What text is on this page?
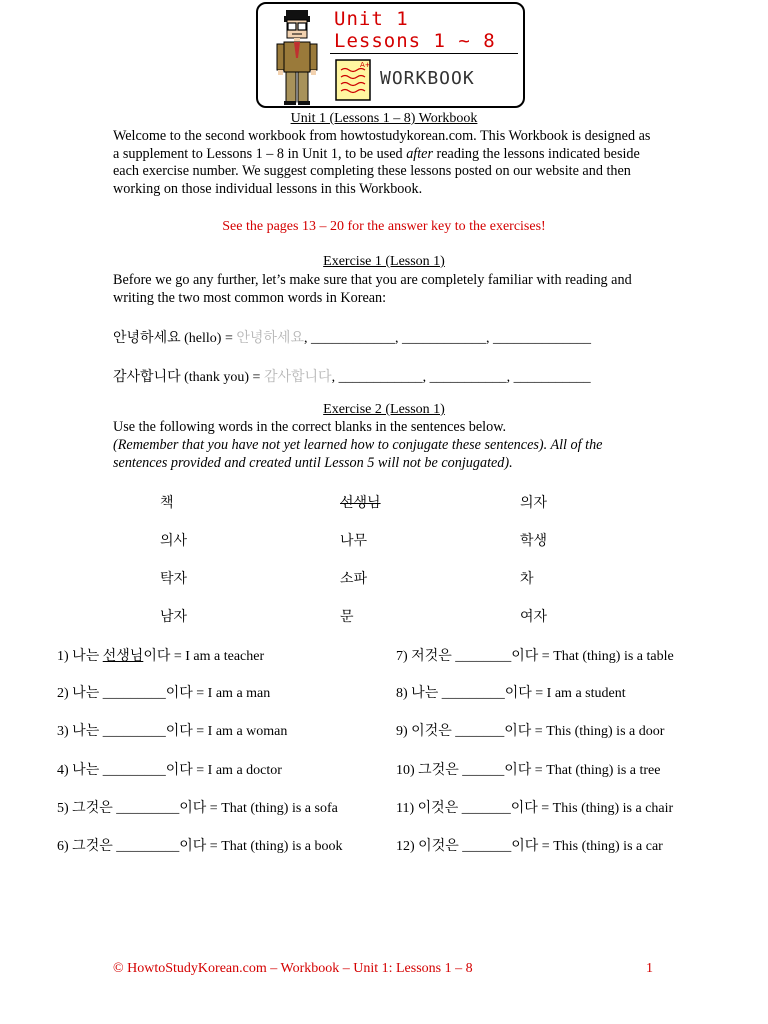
Unit 1
Lessons 1 ~ 8
A+
WORKBOOK
Unit 1 (Lessons 1 – 8) Workbook

Welcome to the second workbook from howtostudykorean.com. This Workbook is designed as a supplement to Lessons 1 – 8 in Unit 1, to be used after reading the lessons indicated beside each exercise number. We suggest completing these lessons posted on our website and then working on those individual lessons in this Workbook.

See the pages 13 – 20 for the answer key to the exercises!
Exercise 1 (Lesson 1)

Before we go any further, let’s make sure that you are completely familiar with reading and writing the two most common words in Korean:

안녕하세요 (hello) = 안녕하세요, ____________, ____________, ______________
감사합니다 (thank you) = 감사합니다, ____________, ___________, ___________
Exercise 2 (Lesson 1)

Use the following words in the correct blanks in the sentences below.

(Remember that you have not yet learned how to conjugate these sentences). All of the sentences provided and created until Lesson 5 will not be conjugated).

책	선생님	의자
의사	나무	학생
탁자	소파	차
남자	문	여자
1) 나는 선생님이다 = I am a teacher
2) 나는 _________이다 = I am a man
3) 나는 _________이다 = I am a woman
4) 나는 _________이다 = I am a doctor
5) 그것은 _________이다 = That (thing) is a sofa
6) 그것은 _________이다 = That (thing) is a book
7) 저것은 ________이다 = That (thing) is a table
8) 나는 _________이다 = I am a student
9) 이것은 _______이다 = This (thing) is a door
10) 그것은 ______이다 = That (thing) is a tree
11) 이것은 _______이다 = This (thing) is a chair
12) 이것은 _______이다 = This (thing) is a car
© HowtoStudyKorean.com – Workbook – Unit 1: Lessons 1 – 8	1
